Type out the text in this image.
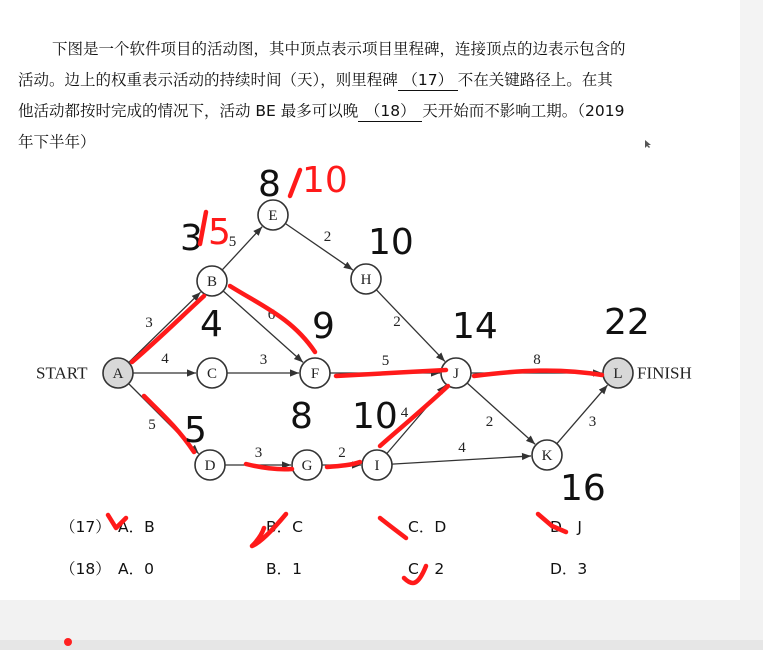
下图是一个软件项目的活动图，其中顶点表示项目里程碑，连接顶点的边表示包含的

活动。边上的权重表示活动的持续时间（天），则里程碑 （17） 不在关键路径上。在其

他活动都按时完成的情况下，活动 BE 最多可以晚 （18） 天开始而不影响工期。（2019

年下半年）

3
4
5
5
6
3
3
2
5
2
2
4
4
8
2	3
A
B
C
D
E
F
G
H
I
J
K
L
START	FINISH
8 10
3 5	10
4 9
5 8 10
14	22
16
（17） A．B	B．C	C．D	D．J
（18） A．0	B．1	C．2	D．3
